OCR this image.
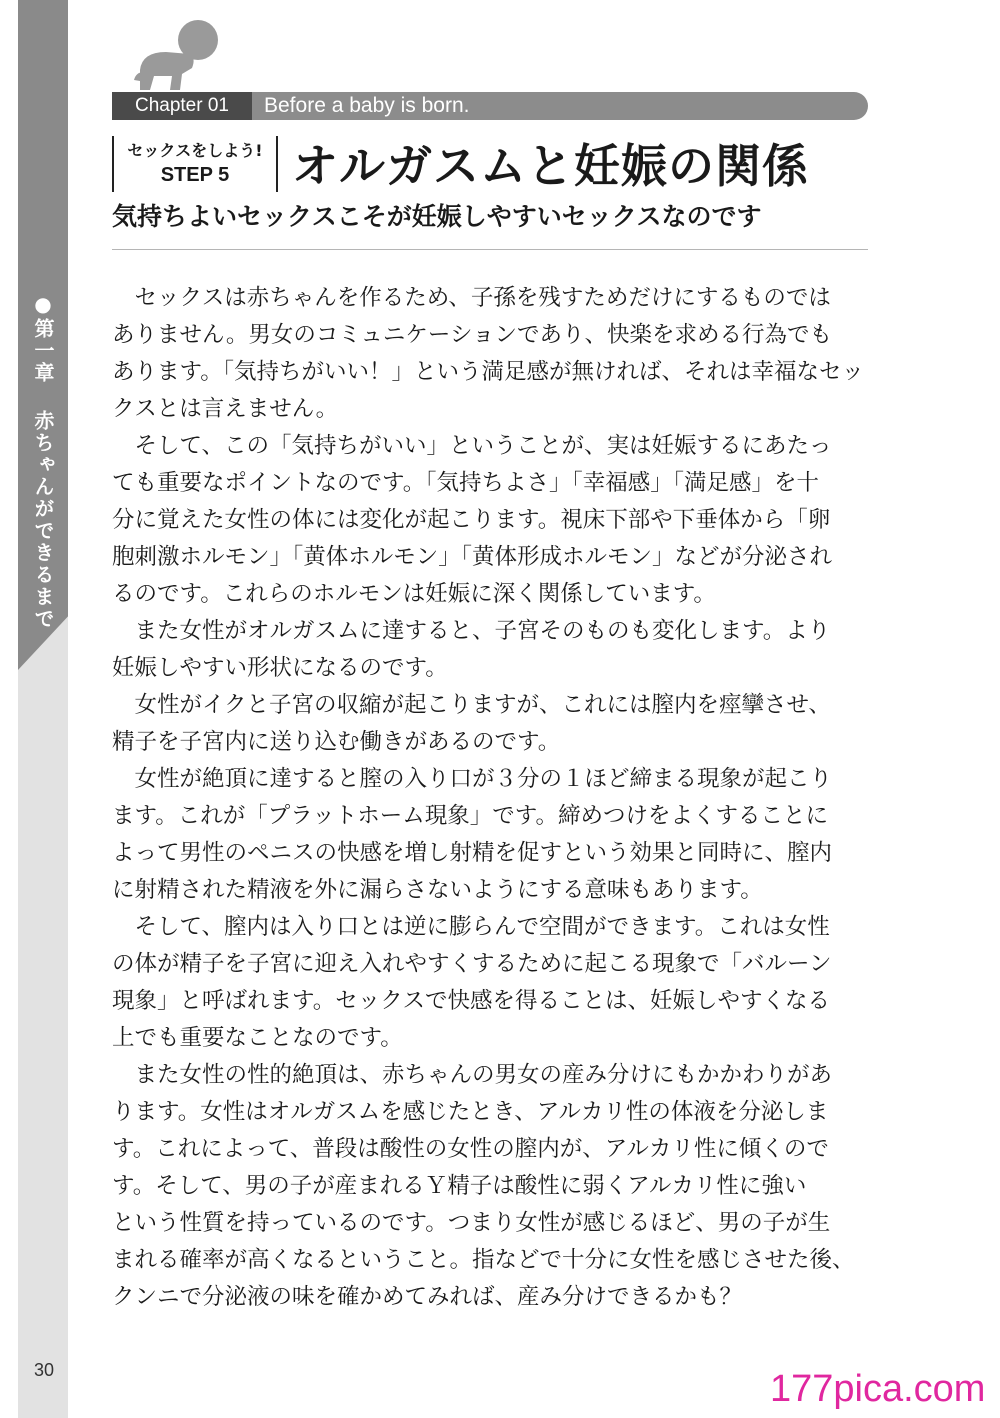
●第一章 赤ちゃんができるまで
Chapter 01	Before a baby is born.
セックスをしよう!
STEP 5	オルガスムと妊娠の関係
気持ちよいセックスこそが妊娠しやすいセックスなのです
　セックスは赤ちゃんを作るため、子孫を残すためだけにするものでは
ありません。男女のコミュニケーションであり、快楽を求める行為でも
あります。「気持ちがいい！」という満足感が無ければ、それは幸福なセッ
クスとは言えません。
　そして、この「気持ちがいい」ということが、実は妊娠するにあたっ
ても重要なポイントなのです。「気持ちよさ」「幸福感」「満足感」を十
分に覚えた女性の体には変化が起こります。視床下部や下垂体から「卵
胞刺激ホルモン」「黄体ホルモン」「黄体形成ホルモン」などが分泌され
るのです。これらのホルモンは妊娠に深く関係しています。
　また女性がオルガスムに達すると、子宮そのものも変化します。より
妊娠しやすい形状になるのです。
　女性がイクと子宮の収縮が起こりますが、これには膣内を痙攣させ、
精子を子宮内に送り込む働きがあるのです。
　女性が絶頂に達すると膣の入り口が３分の１ほど締まる現象が起こり
ます。これが「プラットホーム現象」です。締めつけをよくすることに
よって男性のペニスの快感を増し射精を促すという効果と同時に、膣内
に射精された精液を外に漏らさないようにする意味もあります。
　そして、膣内は入り口とは逆に膨らんで空間ができます。これは女性
の体が精子を子宮に迎え入れやすくするために起こる現象で「バルーン
現象」と呼ばれます。セックスで快感を得ることは、妊娠しやすくなる
上でも重要なことなのです。
　また女性の性的絶頂は、赤ちゃんの男女の産み分けにもかかわりがあ
ります。女性はオルガスムを感じたとき、アルカリ性の体液を分泌しま
す。これによって、普段は酸性の女性の膣内が、アルカリ性に傾くので
す。そして、男の子が産まれるＹ精子は酸性に弱くアルカリ性に強い
という性質を持っているのです。つまり女性が感じるほど、男の子が生
まれる確率が高くなるということ。指などで十分に女性を感じさせた後、
クンニで分泌液の味を確かめてみれば、産み分けできるかも？
30	177pica.com
